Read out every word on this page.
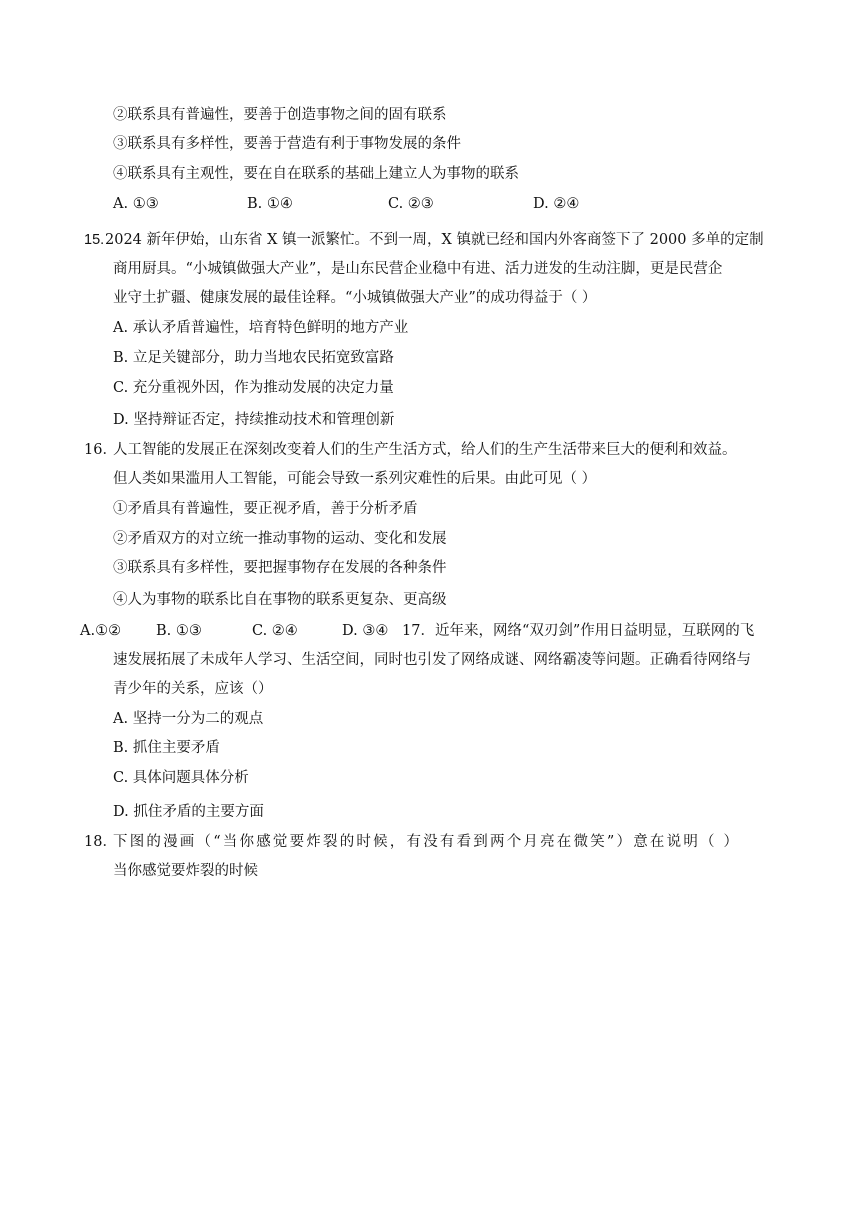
②联系具有普遍性，要善于创造事物之间的固有联系
③联系具有多样性，要善于营造有利于事物发展的条件
④联系具有主观性，要在自在联系的基础上建立人为事物的联系
A. ①③	B. ①④	C. ②③	D. ②④
15. 2024 新年伊始，山东省 X 镇一派繁忙。不到一周，X 镇就已经和国内外客商签下了 2000 多单的定制
商用厨具。“小城镇做强大产业”，是山东民营企业稳中有进、活力迸发的生动注脚，更是民营企
业守土扩疆、健康发展的最佳诠释。“小城镇做强大产业”的成功得益于（ ）
A. 承认矛盾普遍性，培育特色鲜明的地方产业
B. 立足关键部分，助力当地农民拓宽致富路
C. 充分重视外因，作为推动发展的决定力量
D. 坚持辩证否定，持续推动技术和管理创新
16．
人工智能的发展正在深刻改变着人们的生产生活方式，给人们的生产生活带来巨大的便利和效益。
但人类如果滥用人工智能，可能会导致一系列灾难性的后果。由此可见（ ）
①矛盾具有普遍性，要正视矛盾，善于分析矛盾
②矛盾双方的对立统一推动事物的运动、变化和发展
③联系具有多样性，要把握事物存在发展的各种条件
④人为事物的联系比自在事物的联系更复杂、更高级
A.①② B. ①③	C. ②④	D. ③④ 17．近年来，网络“双刃剑”作用日益明显，互联网的飞
速发展拓展了未成年人学习、生活空间，同时也引发了网络成谜、网络霸凌等问题。正确看待网络与
青少年的关系，应该（）
A. 坚持一分为二的观点
B. 抓住主要矛盾
C. 具体问题具体分析
D. 抓住矛盾的主要方面
18．
下图的漫画（“当你感觉要炸裂的时候，有没有看到两个月亮在微笑”）意在说明（ ）
当你感觉要炸裂的时候
